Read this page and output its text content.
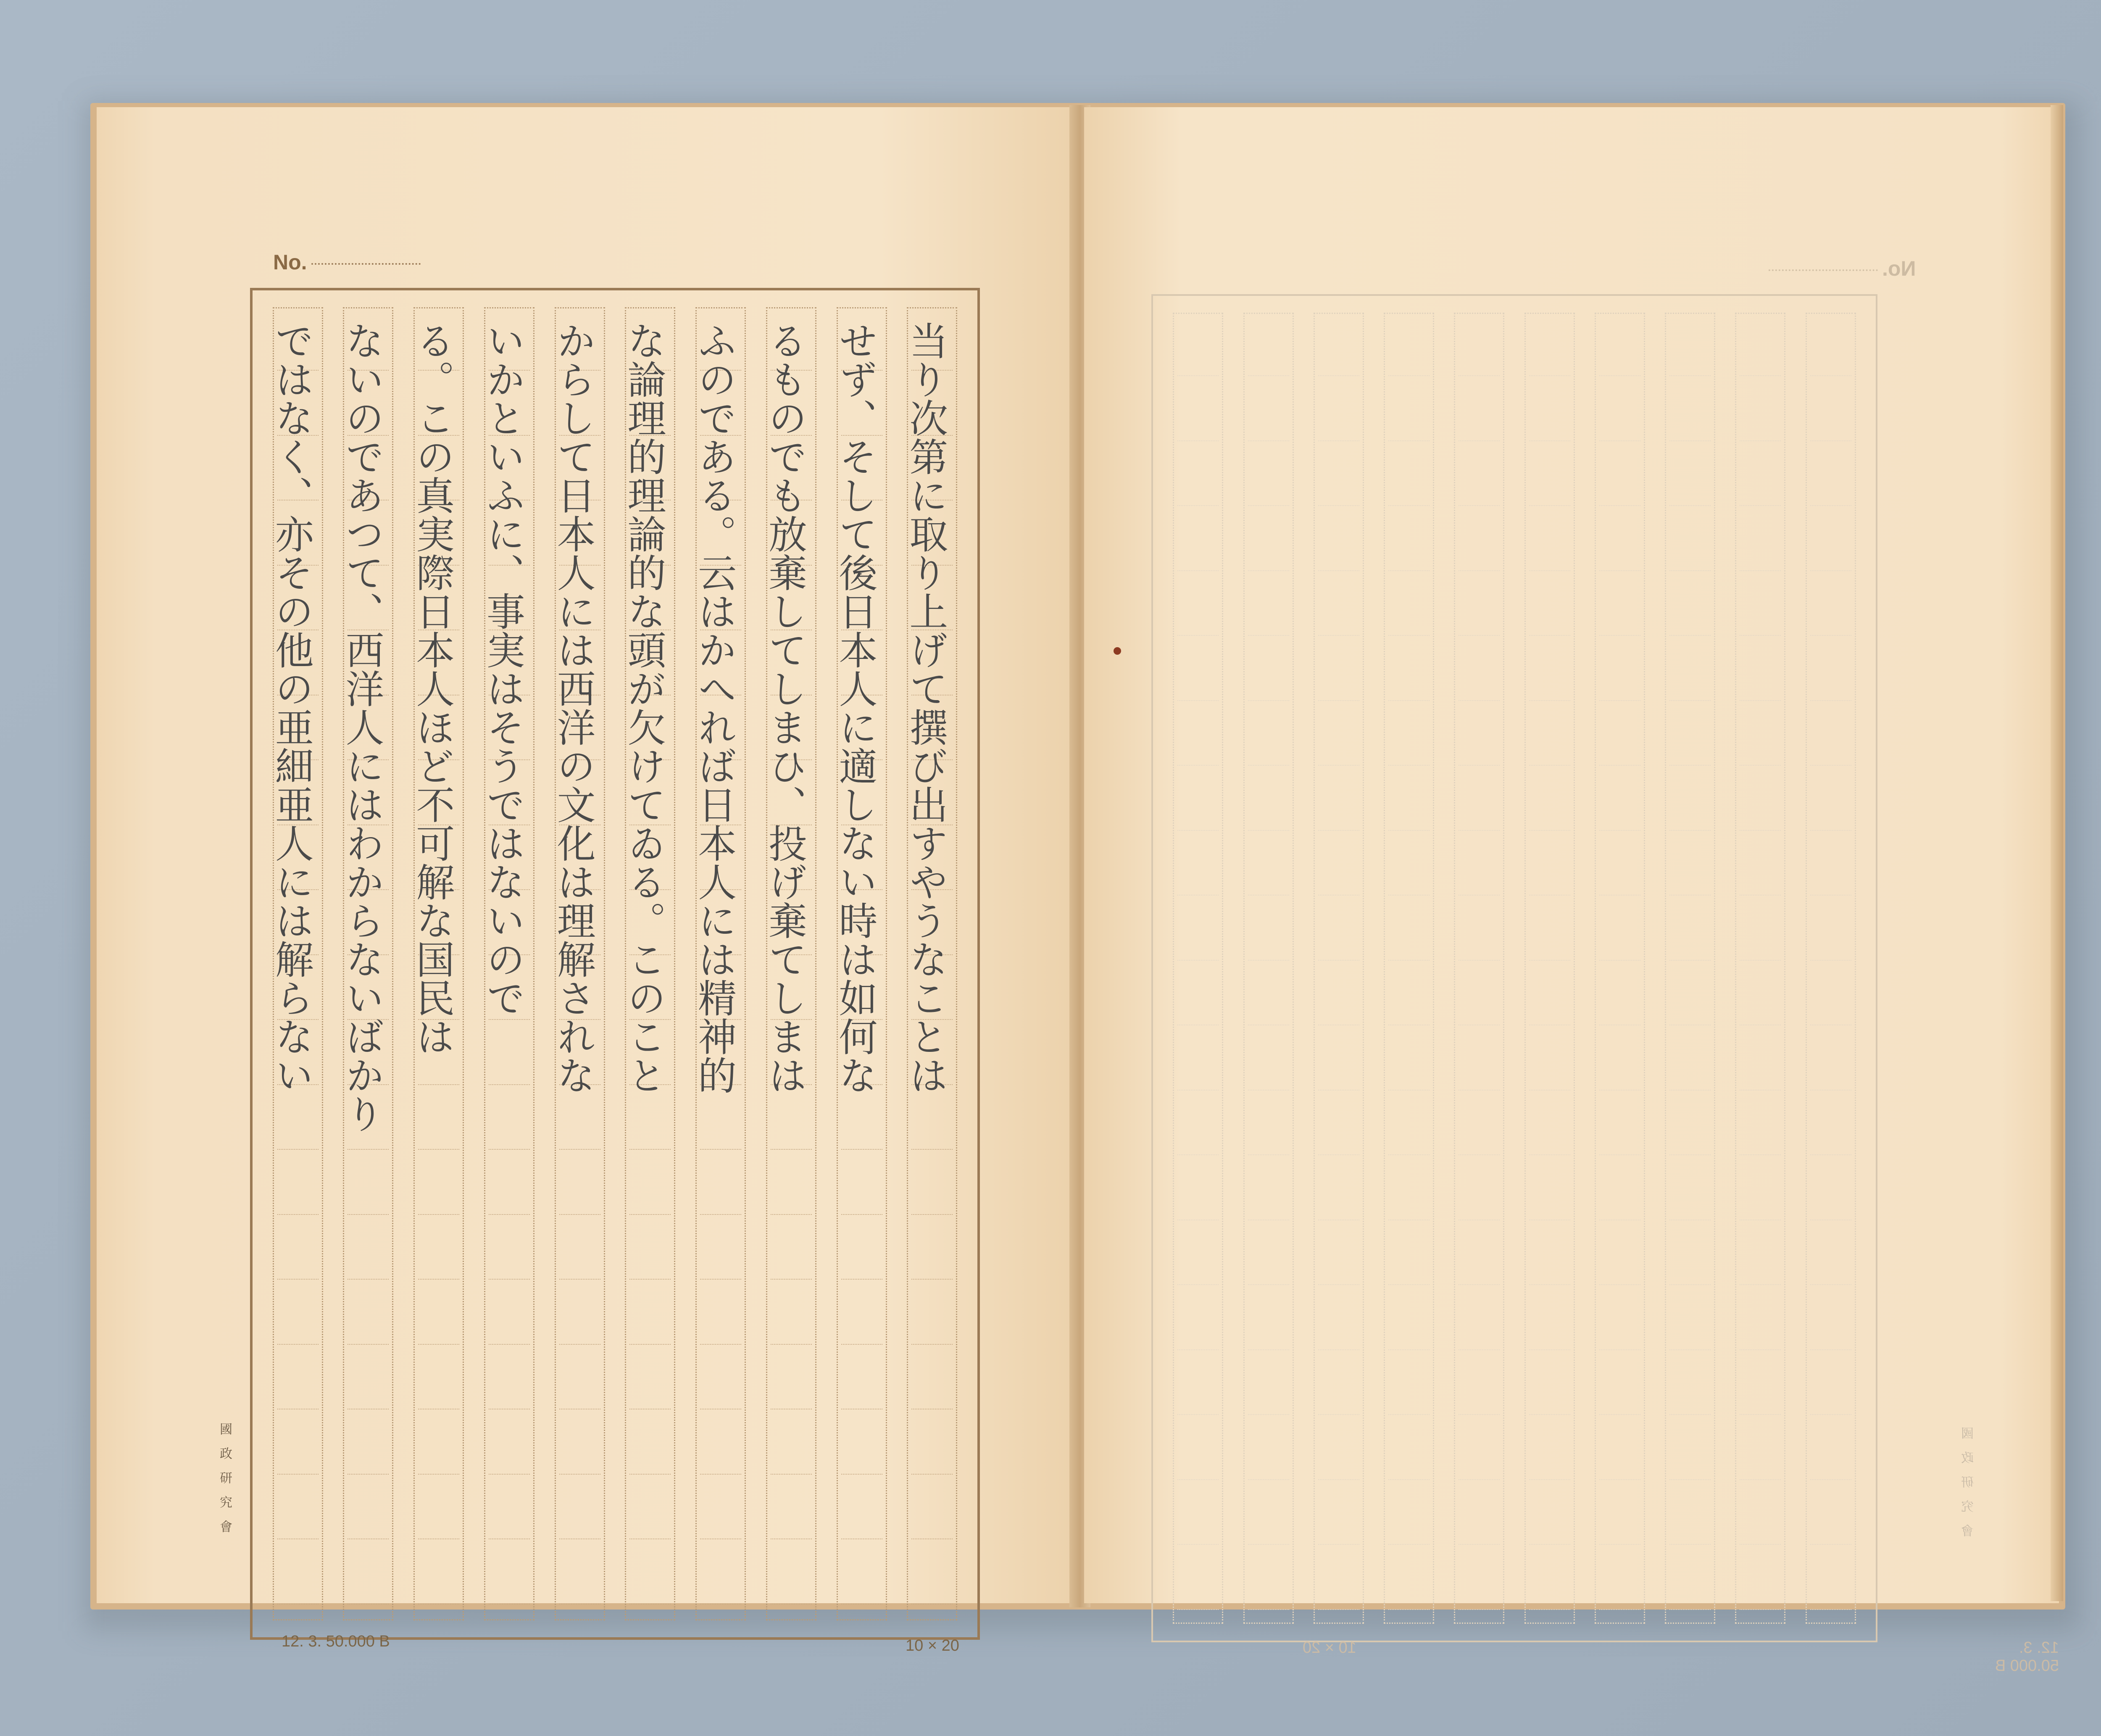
No.
当り次第に取り上げて撰び出すやうなことは
せず、そして後日本人に適しない時は如何な
るものでも放棄してしまひ、投げ棄てしまは
ふのである。云はかへれば日本人には精神的
な論理的理論的な頭が欠けてゐる。このこと
からして日本人には西洋の文化は理解されな
いかといふに、事実はそうではないので
る。この真実際日本人ほど不可解な国民は
ないのであつて、西洋人にはわからないばかり
ではなく、亦その他の亜細亜人には解らない
國政研究會
12. 3. 50.000 B	10 × 20
No.
國政研究會
12. 3. 50.000 B
10 × 20
